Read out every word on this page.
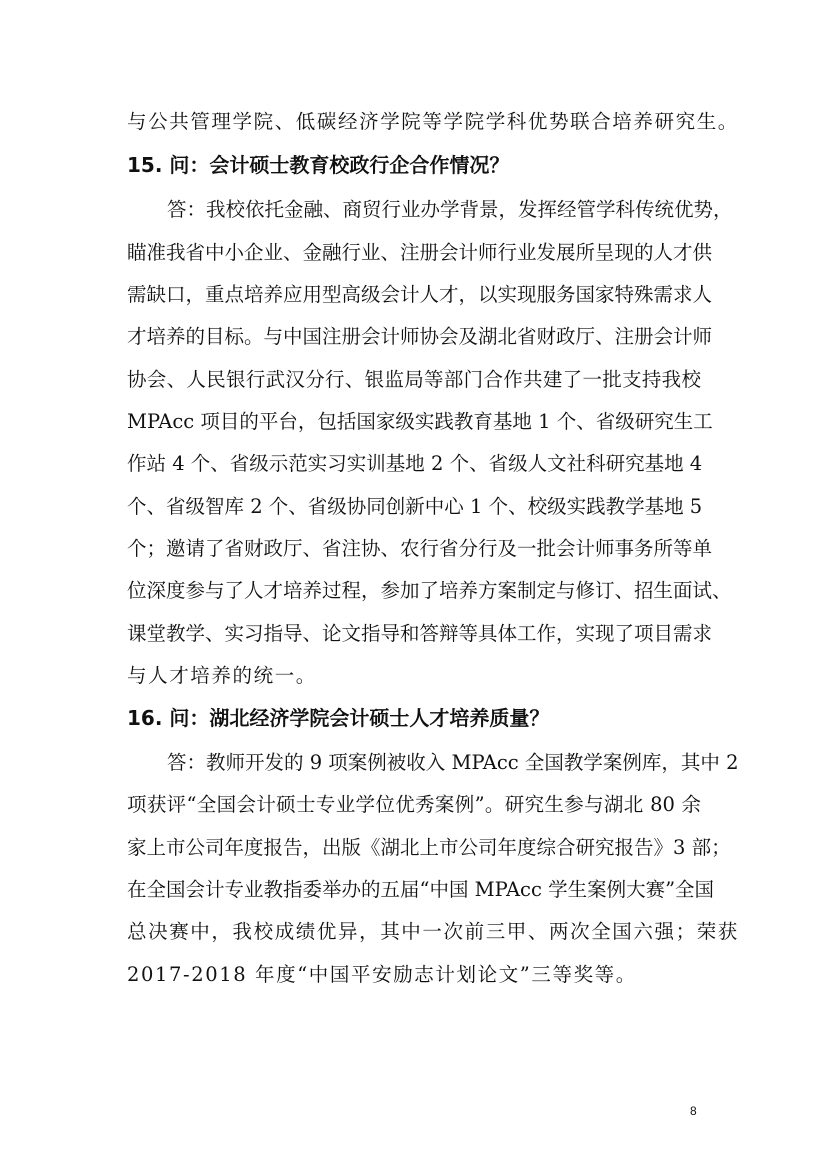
与公共管理学院、低碳经济学院等学院学科优势联合培养研究生。
15. 问：会计硕士教育校政行企合作情况？
答：我校依托金融、商贸行业办学背景，发挥经管学科传统优势，
瞄准我省中小企业、金融行业、注册会计师行业发展所呈现的人才供
需缺口，重点培养应用型高级会计人才，以实现服务国家特殊需求人
才培养的目标。与中国注册会计师协会及湖北省财政厅、注册会计师
协会、人民银行武汉分行、银监局等部门合作共建了一批支持我校
MPAcc 项目的平台，包括国家级实践教育基地 1 个、省级研究生工
作站 4 个、省级示范实习实训基地 2 个、省级人文社科研究基地 4
个、省级智库 2 个、省级协同创新中心 1 个、校级实践教学基地 5
个；邀请了省财政厅、省注协、农行省分行及一批会计师事务所等单
位深度参与了人才培养过程，参加了培养方案制定与修订、招生面试、
课堂教学、实习指导、论文指导和答辩等具体工作，实现了项目需求
与人才培养的统一。
16. 问：湖北经济学院会计硕士人才培养质量？
答：教师开发的 9 项案例被收入 MPAcc 全国教学案例库，其中 2
项获评“全国会计硕士专业学位优秀案例”。研究生参与湖北 80 余
家上市公司年度报告，出版《湖北上市公司年度综合研究报告》3 部；
在全国会计专业教指委举办的五届“中国 MPAcc 学生案例大赛”全国
总决赛中，我校成绩优异，其中一次前三甲、两次全国六强；荣获
2017-2018 年度“中国平安励志计划论文”三等奖等。
8
